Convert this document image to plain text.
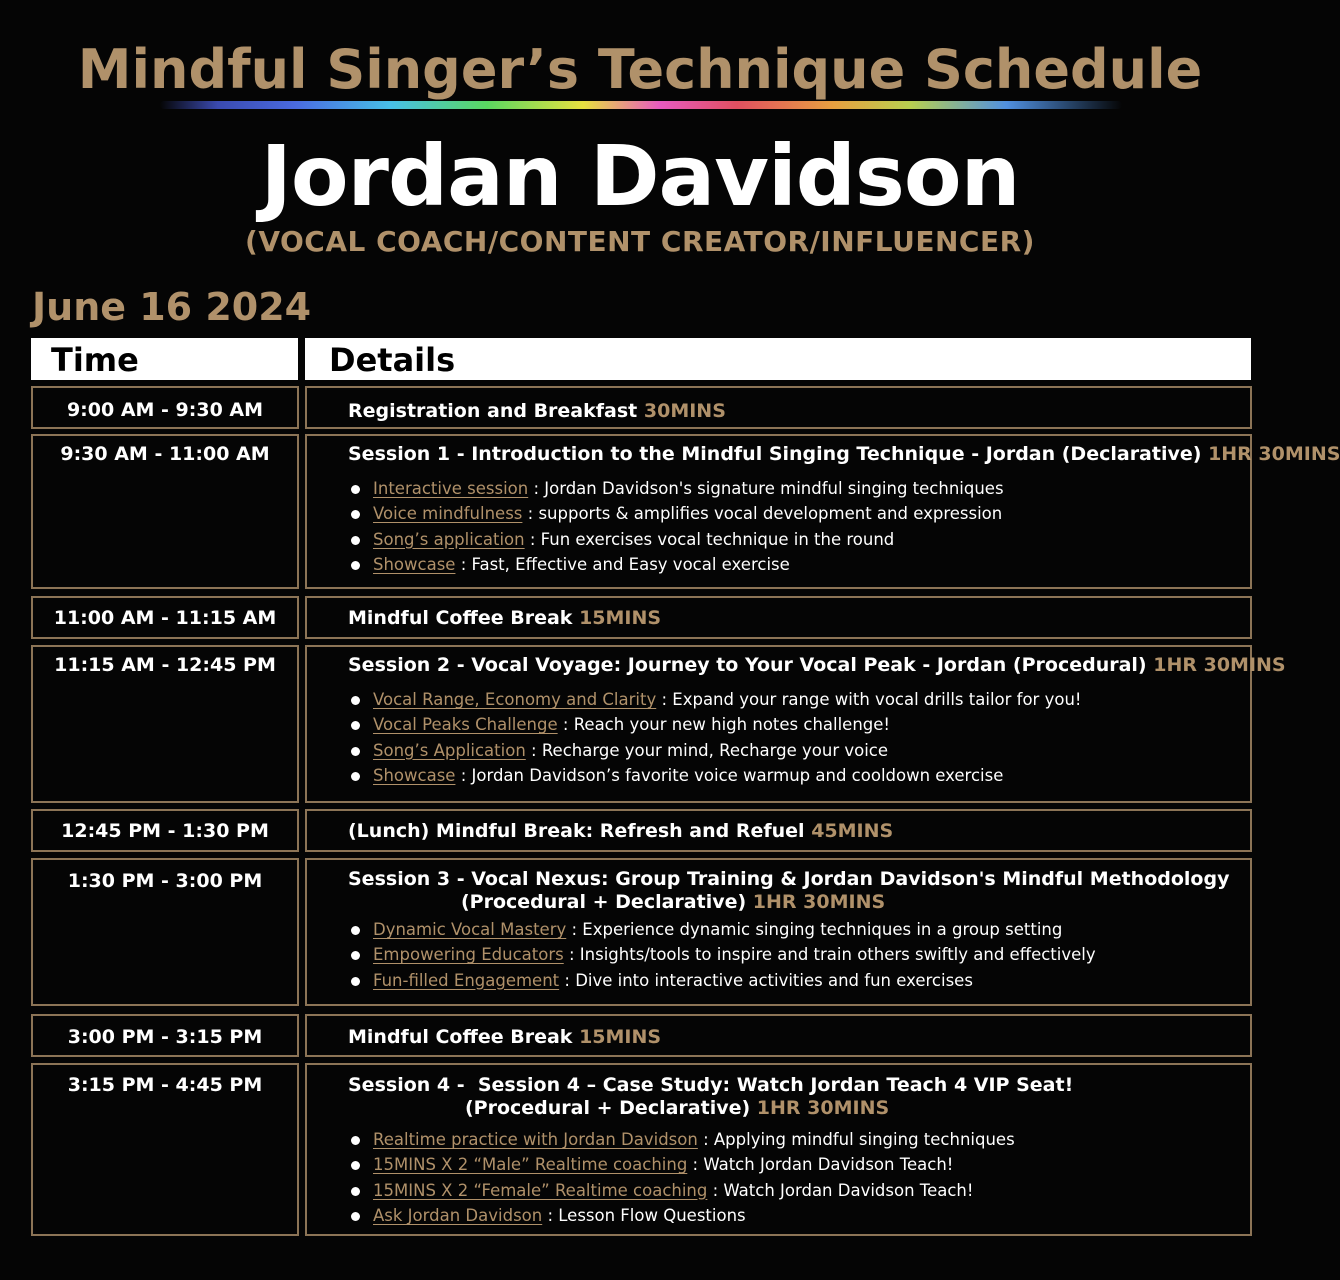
Mindful Singer’s Technique Schedule
Jordan Davidson
(VOCAL COACH/CONTENT CREATOR/INFLUENCER)
June 16 2024
Time	Details
9:00 AM - 9:30 AM	Registration and Breakfast 30MINS
9:30 AM - 11:00 AM	Session 1 - Introduction to the Mindful Singing Technique - Jordan (Declarative) 1HR 30MINS
Interactive session : Jordan Davidson's signature mindful singing techniques
Voice mindfulness : supports & amplifies vocal development and expression
Song’s application : Fun exercises vocal technique in the round
Showcase : Fast, Effective and Easy vocal exercise
11:00 AM - 11:15 AM	Mindful Coffee Break 15MINS
11:15 AM - 12:45 PM	Session 2 - Vocal Voyage: Journey to Your Vocal Peak - Jordan (Procedural) 1HR 30MINS
Vocal Range, Economy and Clarity : Expand your range with vocal drills tailor for you!
Vocal Peaks Challenge : Reach your new high notes challenge!
Song’s Application : Recharge your mind, Recharge your voice
Showcase : Jordan Davidson’s favorite voice warmup and cooldown exercise
12:45 PM - 1:30 PM	(Lunch) Mindful Break: Refresh and Refuel 45MINS
1:30 PM - 3:00 PM	Session 3 - Vocal Nexus: Group Training & Jordan Davidson's Mindful Methodology
(Procedural + Declarative) 1HR 30MINS
Dynamic Vocal Mastery : Experience dynamic singing techniques in a group setting
Empowering Educators : Insights/tools to inspire and train others swiftly and effectively
Fun-filled Engagement : Dive into interactive activities and fun exercises
3:00 PM - 3:15 PM	Mindful Coffee Break 15MINS
3:15 PM - 4:45 PM	Session 4 -  Session 4 – Case Study: Watch Jordan Teach 4 VIP Seat!
(Procedural + Declarative) 1HR 30MINS
Realtime practice with Jordan Davidson : Applying mindful singing techniques
15MINS X 2 “Male” Realtime coaching : Watch Jordan Davidson Teach!
15MINS X 2 “Female” Realtime coaching : Watch Jordan Davidson Teach!
Ask Jordan Davidson : Lesson Flow Questions
